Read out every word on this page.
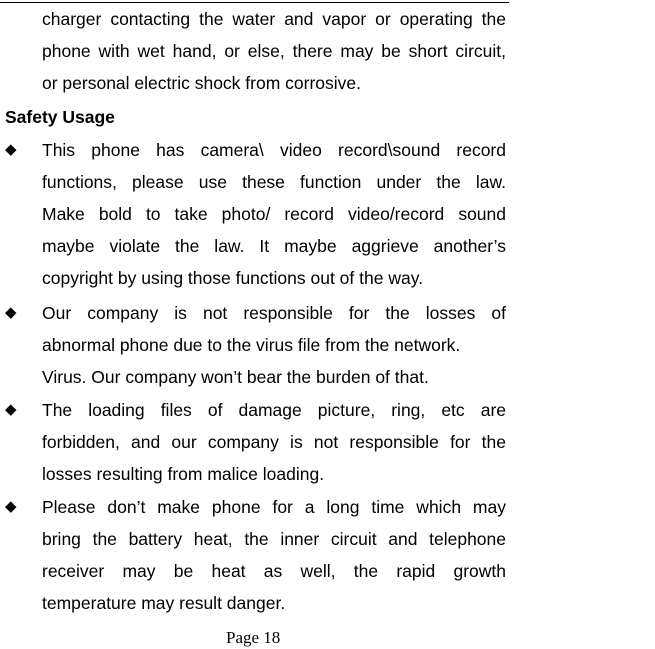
charger contacting the water and vapor or operating the
phone with wet hand, or else, there may be short circuit,
or personal electric shock from corrosive.
Safety Usage
◆ This phone has camera\ video record\sound record
functions, please use these function under the law.
Make bold to take photo/ record video/record sound
maybe violate the law. It maybe aggrieve another’s
copyright by using those functions out of the way.
◆ Our company is not responsible for the losses of
abnormal phone due to the virus file from the network.
Virus. Our company won’t bear the burden of that.
◆ The loading files of damage picture, ring, etc are
forbidden, and our company is not responsible for the
losses resulting from malice loading.
◆ Please don’t make phone for a long time which may
bring the battery heat, the inner circuit and telephone
receiver may be heat as well, the rapid growth
temperature may result danger.
Page 18
